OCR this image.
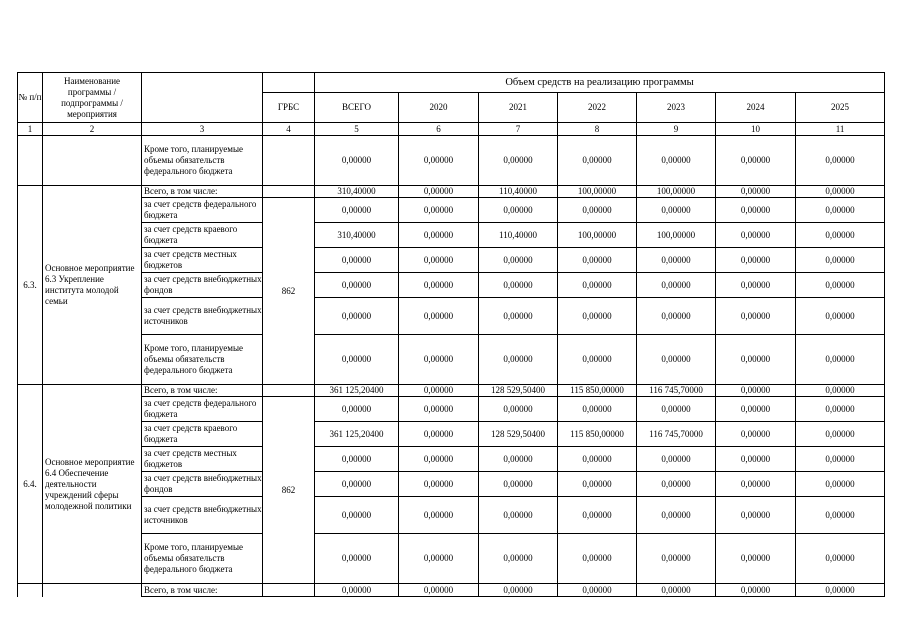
№ п/п	Наименование программы / подпрограммы / мероприятия			Объем средств на реализацию программы						
			ГРБС	ВСЕГО	2020	2021	2022	2023	2024	2025
1	2	3	4	5	6	7	8	9	10	11
		Кроме того, планируемые объемы обязательств федерального бюджета		0,00000	0,00000	0,00000	0,00000	0,00000	0,00000	0,00000
6.3.	Основное мероприятие 6.3 Укрепление института молодой семьи	Всего, в том числе:		310,40000	0,00000	110,40000	100,00000	100,00000	0,00000	0,00000
		за счет средств федерального бюджета	862	0,00000	0,00000	0,00000	0,00000	0,00000	0,00000	0,00000
		за счет средств краевого бюджета		310,40000	0,00000	110,40000	100,00000	100,00000	0,00000	0,00000
		за счет средств местных бюджетов		0,00000	0,00000	0,00000	0,00000	0,00000	0,00000	0,00000
		за счет средств внебюджетных фондов		0,00000	0,00000	0,00000	0,00000	0,00000	0,00000	0,00000
		за счет средств внебюджетных источников		0,00000	0,00000	0,00000	0,00000	0,00000	0,00000	0,00000
		Кроме того, планируемые объемы обязательств федерального бюджета		0,00000	0,00000	0,00000	0,00000	0,00000	0,00000	0,00000
6.4.	Основное мероприятие 6.4 Обеспечение деятельности учреждений сферы молодежной политики	Всего, в том числе:		361 125,20400	0,00000	128 529,50400	115 850,00000	116 745,70000	0,00000	0,00000
		за счет средств федерального бюджета	862	0,00000	0,00000	0,00000	0,00000	0,00000	0,00000	0,00000
		за счет средств краевого бюджета		361 125,20400	0,00000	128 529,50400	115 850,00000	116 745,70000	0,00000	0,00000
		за счет средств местных бюджетов		0,00000	0,00000	0,00000	0,00000	0,00000	0,00000	0,00000
		за счет средств внебюджетных фондов		0,00000	0,00000	0,00000	0,00000	0,00000	0,00000	0,00000
		за счет средств внебюджетных источников		0,00000	0,00000	0,00000	0,00000	0,00000	0,00000	0,00000
		Кроме того, планируемые объемы обязательств федерального бюджета		0,00000	0,00000	0,00000	0,00000	0,00000	0,00000	0,00000
		Всего, в том числе:		0,00000	0,00000	0,00000	0,00000	0,00000	0,00000	0,00000
